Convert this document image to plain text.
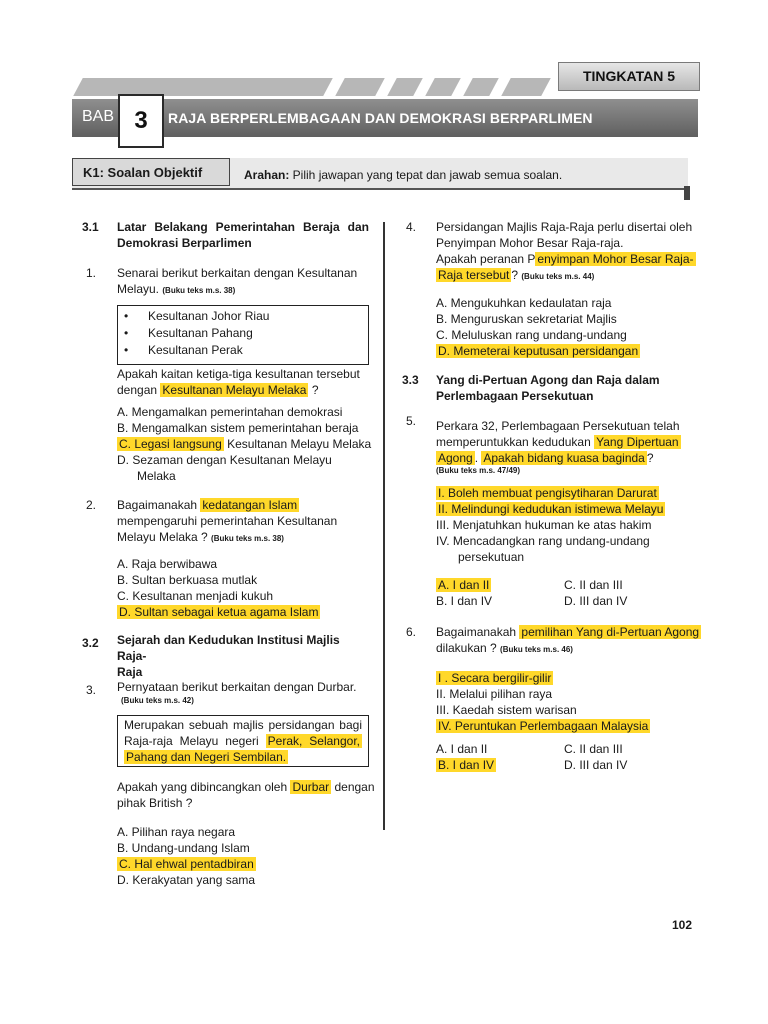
TINGKATAN 5
BAB 3	RAJA BERPERLEMBAGAAN DAN DEMOKRASI BERPARLIMEN
K1: Soalan Objektif	Arahan: Pilih jawapan yang tepat dan jawab semua soalan.
3.1 Latar Belakang Pemerintahan Beraja dan
Demokrasi Berparlimen
1. Senarai berikut berkaitan dengan Kesultanan
Melayu. (Buku teks m.s. 38)
• Kesultanan Johor Riau
• Kesultanan Pahang
• Kesultanan Perak
Apakah kaitan ketiga-tiga kesultanan tersebut
dengan Kesultanan Melayu Melaka ?
A. Mengamalkan pemerintahan demokrasi
B. Mengamalkan sistem pemerintahan beraja
C. Legasi langsung Kesultanan Melayu Melaka
D. Sezaman dengan Kesultanan Melayu
Melaka
2. Bagaimanakah kedatangan Islam
mempengaruhi pemerintahan Kesultanan
Melayu Melaka ? (Buku teks m.s. 38)
A. Raja berwibawa
B. Sultan berkuasa mutlak
C. Kesultanan menjadi kukuh
D. Sultan sebagai ketua agama Islam
3.2 Sejarah dan Kedudukan Institusi Majlis Raja-
Raja
3. Pernyataan berikut berkaitan dengan Durbar.
(Buku teks m.s. 42)
Merupakan sebuah majlis persidangan bagi
Raja-raja Melayu negeri Perak, Selangor,
Pahang dan Negeri Sembilan.
Apakah yang dibincangkan oleh Durbar dengan
pihak British ?
A. Pilihan raya negara
B. Undang-undang Islam
C. Hal ehwal pentadbiran
D. Kerakyatan yang sama
4. Persidangan Majlis Raja-Raja perlu disertai oleh
Penyimpan Mohor Besar Raja-raja.
Apakah peranan P enyimpan Mohor Besar Raja-
Raja tersebut ? (Buku teks m.s. 44)
A. Mengukuhkan kedaulatan raja
B. Menguruskan sekretariat Majlis
C. Meluluskan rang undang-undang
D. Memeterai keputusan persidangan
3.3 Yang di-Pertuan Agong dan Raja dalam
Perlembagaan Persekutuan
5. Perkara 32, Perlembagaan Persekutuan telah
memperuntukkan kedudukan Yang Dipertuan
Agong . Apakah bidang kuasa baginda ?
(Buku teks m.s. 47/49)
I. Boleh membuat pengisytiharan Darurat
II. Melindungi kedudukan istimewa Melayu
III. Menjatuhkan hukuman ke atas hakim
IV. Mencadangkan rang undang-undang
persekutuan
A. I dan II	C. II dan III
B. I dan IV	D. III dan IV
6. Bagaimanakah pemilihan Yang di-Pertuan Agong
dilakukan ? (Buku teks m.s. 46)
I . Secara bergilir-gilir
II. Melalui pilihan raya
III. Kaedah sistem warisan
IV. Peruntukan Perlembagaan Malaysia
A. I dan II	C. II dan III
B. I dan IV	D. III dan IV
102
